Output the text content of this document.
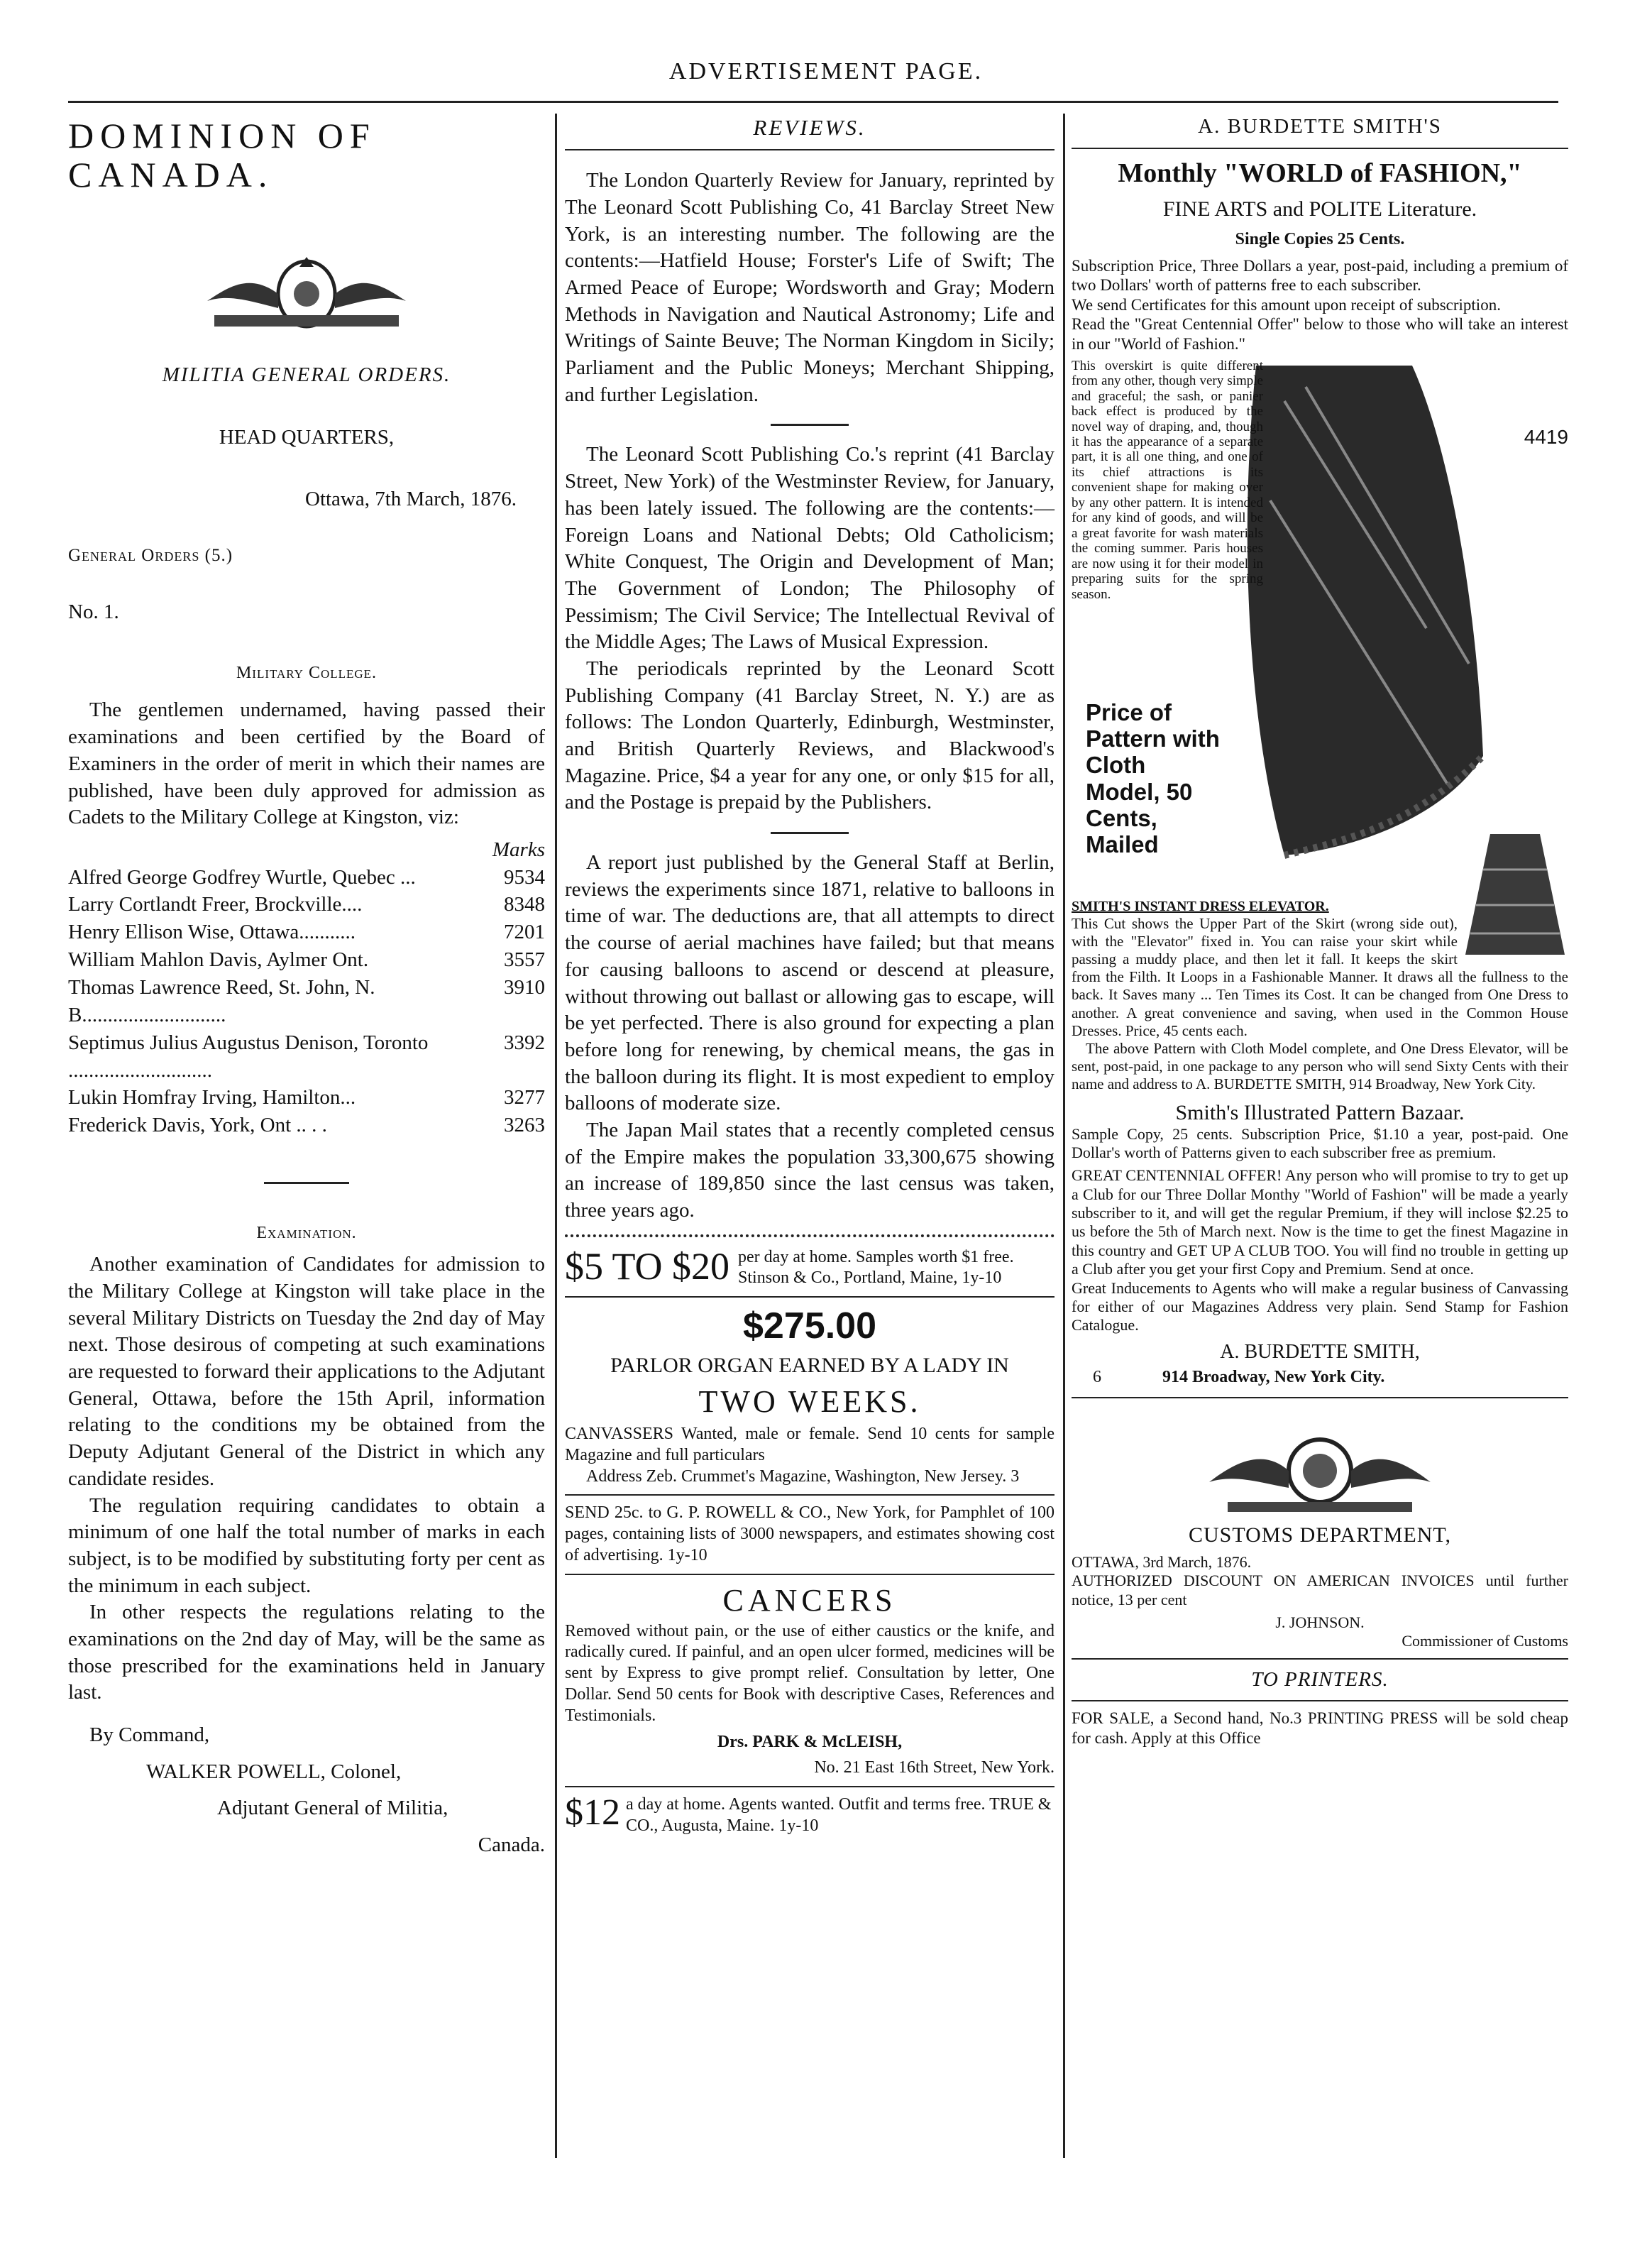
ADVERTISEMENT PAGE.
DOMINION OF CANADA.
MILITIA GENERAL ORDERS.
HEAD QUARTERS,
Ottawa, 7th March, 1876.
General Orders (5.)
No. 1.
Military College.
The gentlemen undernamed, having passed their examinations and been certified by the Board of Examiners in the order of merit in which their names are published, have been duly approved for admission as Cadets to the Military College at Kingston, viz:
Marks
Alfred George Godfrey Wurtle, Quebec ...	9534
Larry Cortlandt Freer, Brockville....	8348
Henry Ellison Wise, Ottawa...........	7201
William Mahlon Davis, Aylmer Ont.	3557
Thomas Lawrence Reed, St. John, N. B............................	3910
Septimus Julius Augustus Denison, Toronto ............................	3392
Lukin Homfray Irving, Hamilton...	3277
Frederick Davis, York, Ont .. . .	3263
Examination.
Another examination of Candidates for admission to the Military College at Kingston will take place in the several Military Districts on Tuesday the 2nd day of May next. Those desirous of competing at such examinations are requested to forward their applications to the Adjutant General, Ottawa, before the 15th April, information relating to the conditions my be obtained from the Deputy Adjutant General of the District in which any candidate resides.
The regulation requiring candidates to obtain a minimum of one half the total number of marks in each subject, is to be modified by substituting forty per cent as the minimum in each subject.
In other respects the regulations relating to the examinations on the 2nd day of May, will be the same as those prescribed for the examinations held in January last.
By Command,
WALKER POWELL, Colonel,
Adjutant General of Militia,
Canada.
REVIEWS.
The London Quarterly Review for January, reprinted by The Leonard Scott Publishing Co, 41 Barclay Street New York, is an interesting number. The following are the contents:—Hatfield House; Forster's Life of Swift; The Armed Peace of Europe; Wordsworth and Gray; Modern Methods in Navigation and Nautical Astronomy; Life and Writings of Sainte Beuve; The Norman Kingdom in Sicily; Parliament and the Public Moneys; Merchant Shipping, and further Legislation.
The Leonard Scott Publishing Co.'s reprint (41 Barclay Street, New York) of the Westminster Review, for January, has been lately issued. The following are the contents:—Foreign Loans and National Debts; Old Catholicism; White Conquest, The Origin and Development of Man; The Government of London; The Philosophy of Pessimism; The Civil Service; The Intellectual Revival of the Middle Ages; The Laws of Musical Expression.
The periodicals reprinted by the Leonard Scott Publishing Company (41 Barclay Street, N. Y.) are as follows: The London Quarterly, Edinburgh, Westminster, and British Quarterly Reviews, and Blackwood's Magazine. Price, $4 a year for any one, or only $15 for all, and the Postage is prepaid by the Publishers.
A report just published by the General Staff at Berlin, reviews the experiments since 1871, relative to balloons in time of war. The deductions are, that all attempts to direct the course of aerial machines have failed; but that means for causing balloons to ascend or descend at pleasure, without throwing out ballast or allowing gas to escape, will be yet perfected. There is also ground for expecting a plan before long for renewing, by chemical means, the gas in the balloon during its flight. It is most expedient to employ balloons of moderate size.
The Japan Mail states that a recently completed census of the Empire makes the population 33,300,675 showing an increase of 189,850 since the last census was taken, three years ago.
$5 TO $20 per day at home. Samples worth $1 free. Stinson & Co., Portland, Maine, 1y-10
$275.00
PARLOR ORGAN EARNED BY A LADY IN
TWO WEEKS.
CANVASSERS Wanted, male or female. Send 10 cents for sample Magazine and full particulars
Address Zeb. Crummet's Magazine, Washington, New Jersey. 3
SEND 25c. to G. P. ROWELL & CO., New York, for Pamphlet of 100 pages, containing lists of 3000 newspapers, and estimates showing cost of advertising. 1y-10
CANCERS
Removed without pain, or the use of either caustics or the knife, and radically cured. If painful, and an open ulcer formed, medicines will be sent by Express to give prompt relief. Consultation by letter, One Dollar. Send 50 cents for Book with descriptive Cases, References and Testimonials.
Drs. PARK & McLEISH,
No. 21 East 16th Street, New York.
$12 a day at home. Agents wanted. Outfit and terms free. TRUE & CO., Augusta, Maine. 1y-10
A. BURDETTE SMITH'S
Monthly "WORLD of FASHION,"
FINE ARTS and POLITE Literature.
Single Copies 25 Cents.
Subscription Price, Three Dollars a year, post-paid, including a premium of two Dollars' worth of patterns free to each subscriber.
We send Certificates for this amount upon receipt of subscription.
Read the "Great Centennial Offer" below to those who will take an interest in our "World of Fashion."
This overskirt is quite different from any other, though very simple and graceful; the sash, or panier back effect is produced by the novel way of draping, and, though it has the appearance of a separate part, it is all one thing, and one of its chief attractions is its convenient shape for making over by any other pattern. It is intended for any kind of goods, and will be a great favorite for wash materials the coming summer. Paris houses are now using it for their model in preparing suits for the spring season.
4419
Price of Pattern with Cloth Model, 50 Cents, Mailed
SMITH'S INSTANT DRESS ELEVATOR.
This Cut shows the Upper Part of the Skirt (wrong side out), with the "Elevator" fixed in. You can raise your skirt while passing a muddy place, and then let it fall. It keeps the skirt from the Filth. It Loops in a Fashionable Manner. It draws all the fullness to the back. It Saves many ... Ten Times its Cost. It can be changed from One Dress to another. A great convenience and saving, when used in the Common House Dresses. Price, 45 cents each.
The above Pattern with Cloth Model complete, and One Dress Elevator, will be sent, post-paid, in one package to any person who will send Sixty Cents with their name and address to A. BURDETTE SMITH, 914 Broadway, New York City.
Smith's Illustrated Pattern Bazaar.
Sample Copy, 25 cents. Subscription Price, $1.10 a year, post-paid. One Dollar's worth of Patterns given to each subscriber free as premium.
GREAT CENTENNIAL OFFER! Any person who will promise to try to get up a Club for our Three Dollar Monthy "World of Fashion" will be made a yearly subscriber to it, and will get the regular Premium, if they will inclose $2.25 to us before the 5th of March next. Now is the time to get the finest Magazine in this country and GET UP A CLUB TOO. You will find no trouble in getting up a Club after you get your first Copy and Premium. Send at once.
Great Inducements to Agents who will make a regular business of Canvassing for either of our Magazines Address very plain. Send Stamp for Fashion Catalogue.
A. BURDETTE SMITH,
6	914 Broadway, New York City.
CUSTOMS DEPARTMENT,
OTTAWA, 3rd March, 1876.
AUTHORIZED DISCOUNT ON AMERICAN INVOICES until further notice, 13 per cent
J. JOHNSON.
Commissioner of Customs
TO PRINTERS.
FOR SALE, a Second hand, No.3 PRINTING PRESS will be sold cheap for cash. Apply at this Office
